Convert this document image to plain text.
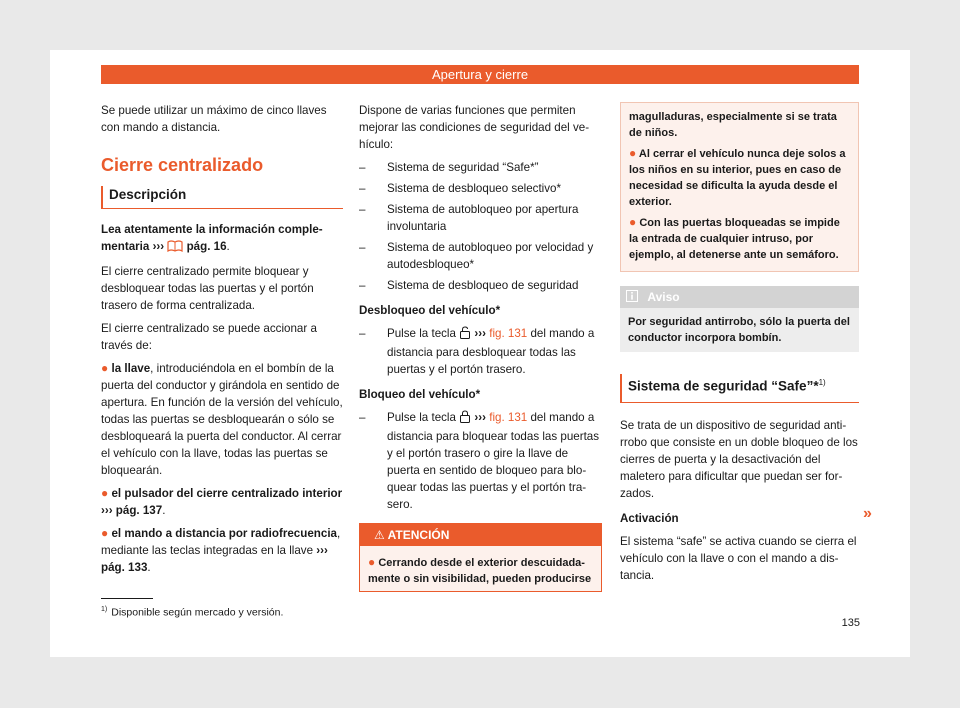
Apertura y cierre

Se puede utilizar un máximo de cinco llaves con mando a distancia.

Cierre centralizado
Descripción

Lea atentamente la información complementaria ›››  pág. 16.

El cierre centralizado permite bloquear y desbloquear todas las puertas y el portón trasero de forma centralizada.

El cierre centralizado se puede accionar a través de:

● la llave, introduciéndola en el bombín de la puerta del conductor y girándola en sentido de apertura. En función de la versión del vehículo, todas las puertas se desbloquearán o sólo se desbloqueará la puerta del conductor. Al cerrar el vehículo con la llave, todas las puertas se bloquearán.

● el pulsador del cierre centralizado interior ››› pág. 137.

● el mando a distancia por radiofrecuencia, mediante las teclas integradas en la llave ››› pág. 133.

Dispone de varias funciones que permiten mejorar las condiciones de seguridad del vehículo:

– Sistema de seguridad “Safe*”
– Sistema de desbloqueo selectivo*
– Sistema de autobloqueo por apertura involuntaria
– Sistema de autobloqueo por velocidad y autodesbloqueo*
– Sistema de desbloqueo de seguridad

Desbloqueo del vehículo*

– Pulse la tecla  ››› fig. 131 del mando a distancia para desbloquear todas las puertas y el portón trasero.

Bloqueo del vehículo*

– Pulse la tecla  ››› fig. 131 del mando a distancia para bloquear todas las puertas y el portón trasero o gire la llave de puerta en sentido de bloqueo para bloquear todas las puertas y el portón trasero.
⚠ ATENCIÓN
● Cerrando desde el exterior descuidadamente o sin visibilidad, pueden producirse

magulladuras, especialmente si se trata de niños.

● Al cerrar el vehículo nunca deje solos a los niños en su interior, pues en caso de necesidad se dificulta la ayuda desde el exterior.

● Con las puertas bloqueadas se impide la entrada de cualquier intruso, por ejemplo, al detenerse ante un semáforo.

Aviso
Por seguridad antirrobo, sólo la puerta del conductor incorpora bombín.
Sistema de seguridad “Safe”*$^{1)}$

Se trata de un dispositivo de seguridad antirrobo que consiste en un doble bloqueo de los cierres de puerta y la desactivación del maletero para dificultar que puedan ser forzados.

Activación

El sistema “safe” se activa cuando se cierra el vehículo con la llave o con el mando a distancia.

»
$^{1)}$ Disponible según mercado y versión.
135
